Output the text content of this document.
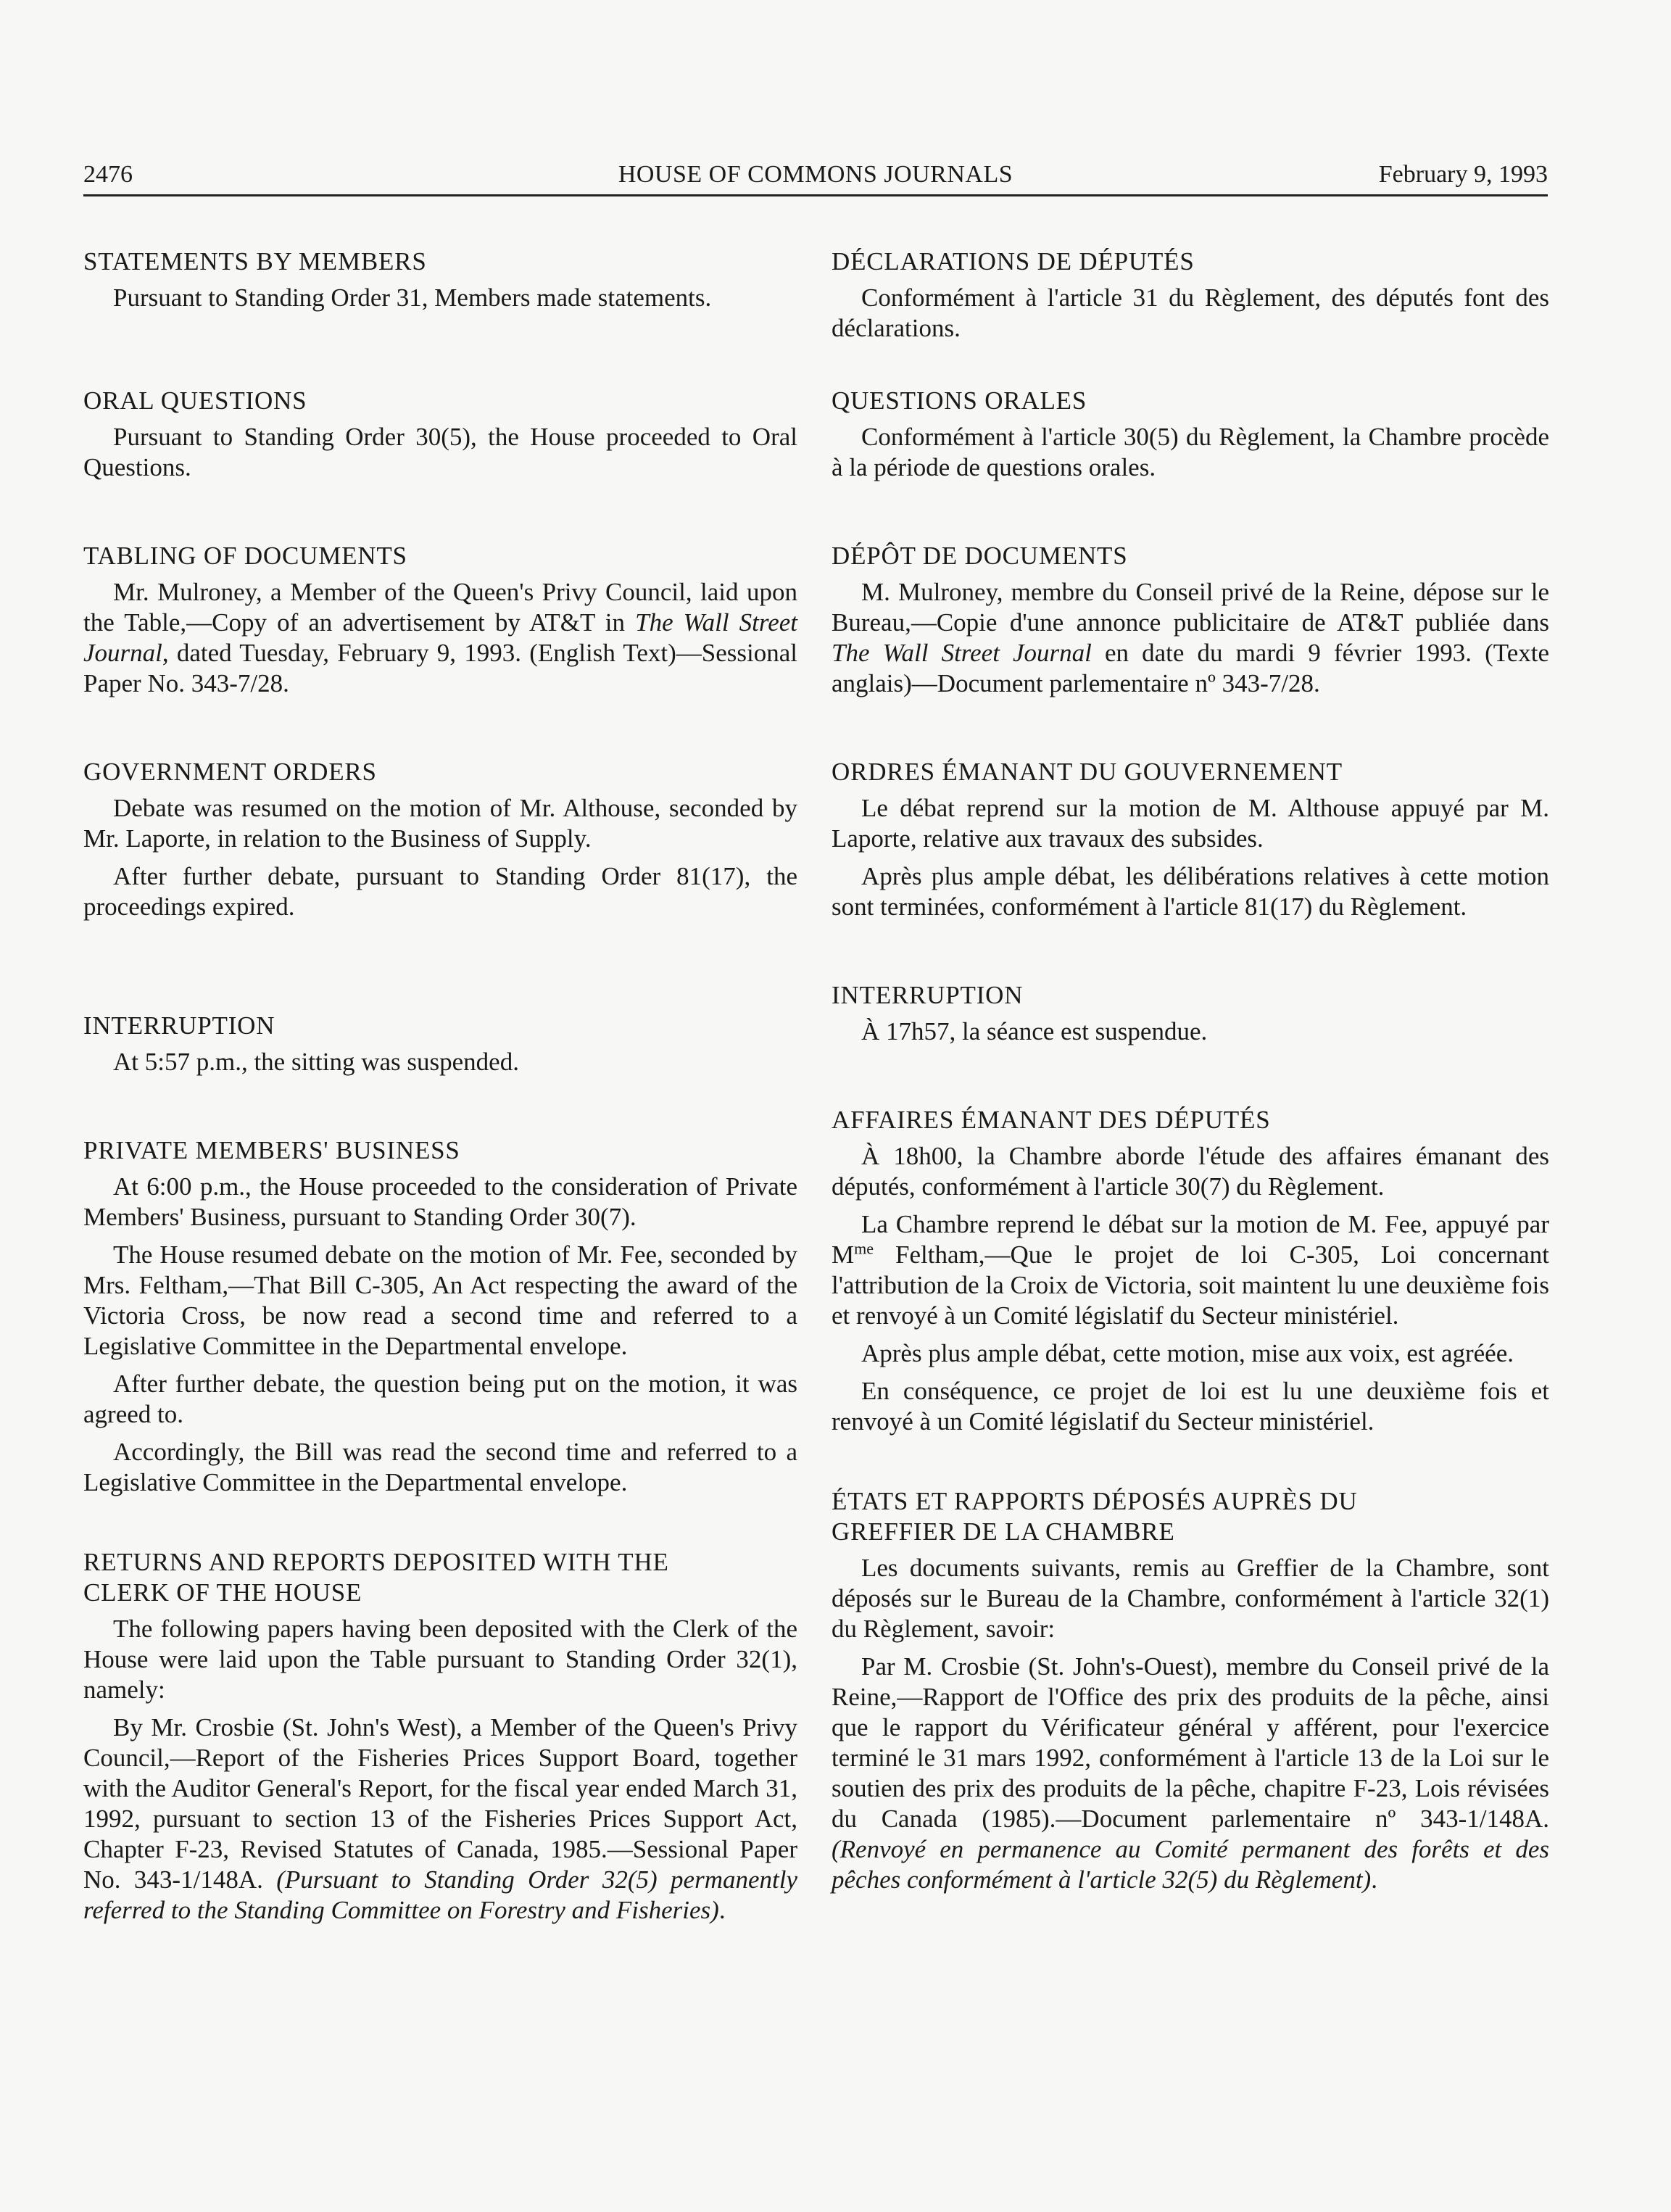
2476	HOUSE OF COMMONS JOURNALS	February 9, 1993
STATEMENTS BY MEMBERS

Pursuant to Standing Order 31, Members made statements.

ORAL QUESTIONS

Pursuant to Standing Order 30(5), the House proceeded to Oral Questions.

TABLING OF DOCUMENTS

Mr. Mulroney, a Member of the Queen's Privy Council, laid upon the Table,—Copy of an advertisement by AT&T in The Wall Street Journal, dated Tuesday, February 9, 1993. (English Text)—Sessional Paper No. 343-7/28.

GOVERNMENT ORDERS

Debate was resumed on the motion of Mr. Althouse, seconded by Mr. Laporte, in relation to the Business of Supply.

After further debate, pursuant to Standing Order 81(17), the proceedings expired.

INTERRUPTION

At 5:57 p.m., the sitting was suspended.

PRIVATE MEMBERS' BUSINESS

At 6:00 p.m., the House proceeded to the consideration of Private Members' Business, pursuant to Standing Order 30(7).

The House resumed debate on the motion of Mr. Fee, seconded by Mrs. Feltham,—That Bill C-305, An Act respecting the award of the Victoria Cross, be now read a second time and referred to a Legislative Committee in the Departmental envelope.

After further debate, the question being put on the motion, it was agreed to.

Accordingly, the Bill was read the second time and referred to a Legislative Committee in the Departmental envelope.

RETURNS AND REPORTS DEPOSITED WITH THE
CLERK OF THE HOUSE

The following papers having been deposited with the Clerk of the House were laid upon the Table pursuant to Standing Order 32(1), namely:

By Mr. Crosbie (St. John's West), a Member of the Queen's Privy Council,—Report of the Fisheries Prices Support Board, together with the Auditor General's Report, for the fiscal year ended March 31, 1992, pursuant to section 13 of the Fisheries Prices Support Act, Chapter F-23, Revised Statutes of Canada, 1985.—Sessional Paper No. 343-1/148A. (Pursuant to Standing Order 32(5) permanently referred to the Standing Committee on Forestry and Fisheries).

DÉCLARATIONS DE DÉPUTÉS

Conformément à l'article 31 du Règlement, des députés font des déclarations.

QUESTIONS ORALES

Conformément à l'article 30(5) du Règlement, la Chambre procède à la période de questions orales.

DÉPÔT DE DOCUMENTS

M. Mulroney, membre du Conseil privé de la Reine, dépose sur le Bureau,—Copie d'une annonce publicitaire de AT&T publiée dans The Wall Street Journal en date du mardi 9 février 1993. (Texte anglais)—Document parlementaire nº 343-7/28.

ORDRES ÉMANANT DU GOUVERNEMENT

Le débat reprend sur la motion de M. Althouse appuyé par M. Laporte, relative aux travaux des subsides.

Après plus ample débat, les délibérations relatives à cette motion sont terminées, conformément à l'article 81(17) du Règlement.

INTERRUPTION

À 17h57, la séance est suspendue.

AFFAIRES ÉMANANT DES DÉPUTÉS

À 18h00, la Chambre aborde l'étude des affaires émanant des députés, conformément à l'article 30(7) du Règlement.

La Chambre reprend le débat sur la motion de M. Fee, appuyé par $M^{me}$ Feltham,—Que le projet de loi C-305, Loi concernant l'attribution de la Croix de Victoria, soit maintent lu une deuxième fois et renvoyé à un Comité législatif du Secteur ministériel.

Après plus ample débat, cette motion, mise aux voix, est agréée.

En conséquence, ce projet de loi est lu une deuxième fois et renvoyé à un Comité législatif du Secteur ministériel.

ÉTATS ET RAPPORTS DÉPOSÉS AUPRÈS DU
GREFFIER DE LA CHAMBRE

Les documents suivants, remis au Greffier de la Chambre, sont déposés sur le Bureau de la Chambre, conformément à l'article 32(1) du Règlement, savoir:

Par M. Crosbie (St. John's-Ouest), membre du Conseil privé de la Reine,—Rapport de l'Office des prix des produits de la pêche, ainsi que le rapport du Vérificateur général y afférent, pour l'exercice terminé le 31 mars 1992, conformément à l'article 13 de la Loi sur le soutien des prix des produits de la pêche, chapitre F-23, Lois révisées du Canada (1985).—Document parlementaire nº 343-1/148A. (Renvoyé en permanence au Comité permanent des forêts et des pêches conformément à l'article 32(5) du Règlement).
